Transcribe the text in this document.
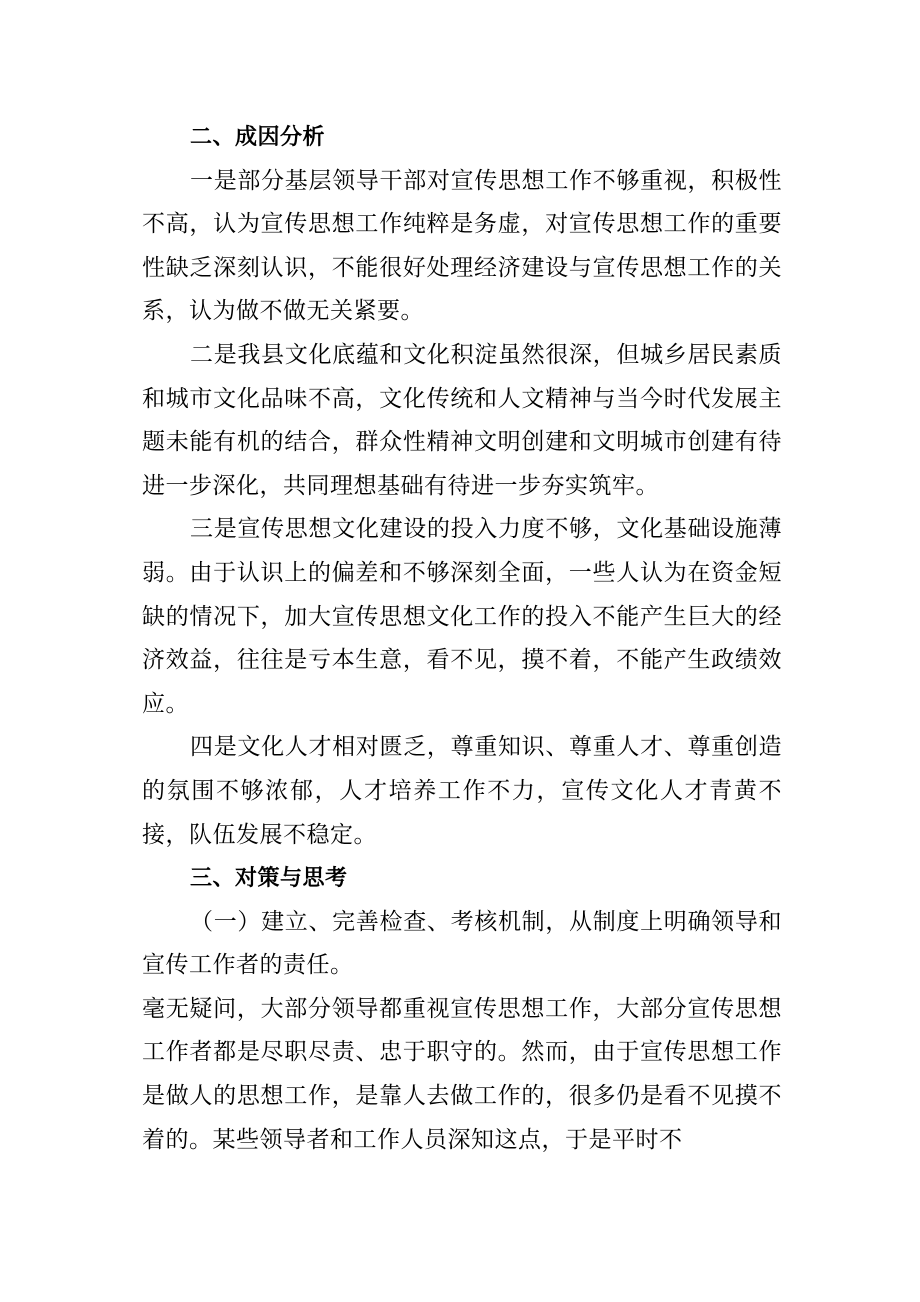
二、成因分析

一是部分基层领导干部对宣传思想工作不够重视，积极性不高，认为宣传思想工作纯粹是务虚，对宣传思想工作的重要性缺乏深刻认识，不能很好处理经济建设与宣传思想工作的关系，认为做不做无关紧要。

二是我县文化底蕴和文化积淀虽然很深，但城乡居民素质和城市文化品味不高，文化传统和人文精神与当今时代发展主题未能有机的结合，群众性精神文明创建和文明城市创建有待进一步深化，共同理想基础有待进一步夯实筑牢。

三是宣传思想文化建设的投入力度不够，文化基础设施薄弱。由于认识上的偏差和不够深刻全面，一些人认为在资金短缺的情况下，加大宣传思想文化工作的投入不能产生巨大的经济效益，往往是亏本生意，看不见，摸不着，不能产生政绩效应。

四是文化人才相对匮乏，尊重知识、尊重人才、尊重创造的氛围不够浓郁，人才培养工作不力，宣传文化人才青黄不接，队伍发展不稳定。

三、对策与思考

（一）建立、完善检查、考核机制，从制度上明确领导和宣传工作者的责任。

毫无疑问，大部分领导都重视宣传思想工作，大部分宣传思想工作者都是尽职尽责、忠于职守的。然而，由于宣传思想工作是做人的思想工作，是靠人去做工作的，很多仍是看不见摸不着的。某些领导者和工作人员深知这点，于是平时不
